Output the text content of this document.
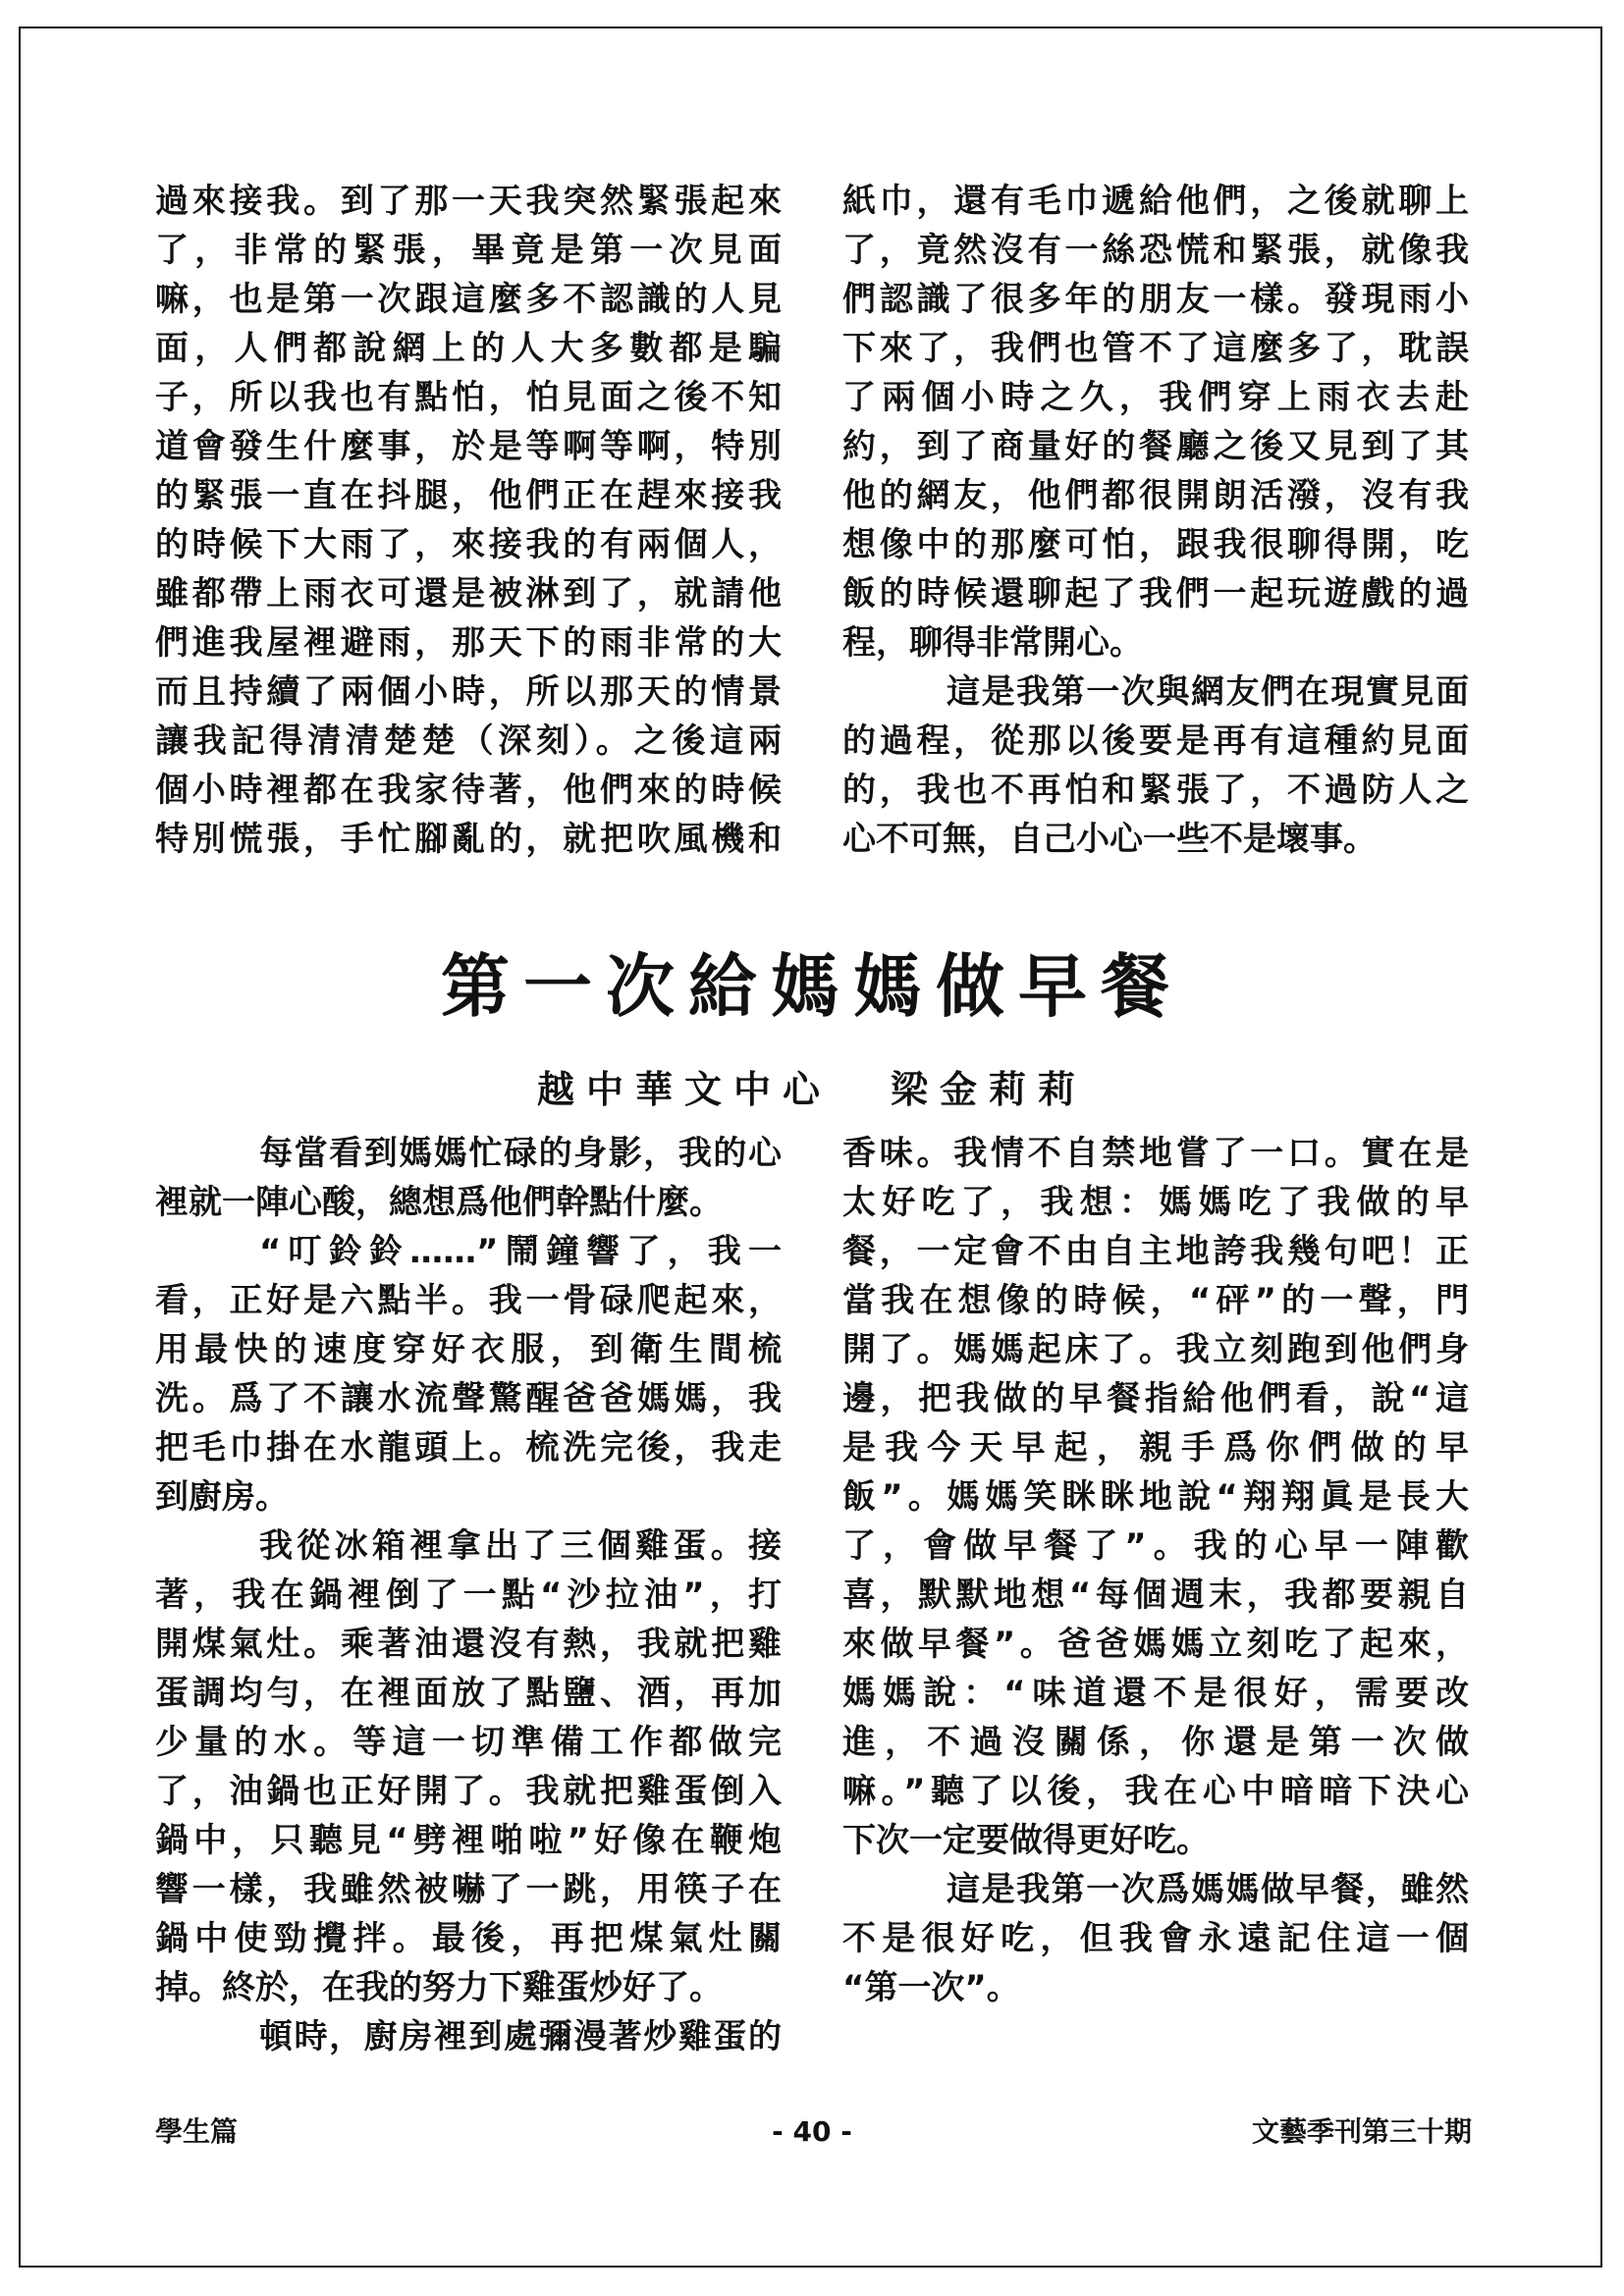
過來接我。到了那一天我突然緊張起來
了，非常的緊張，畢竟是第一次見面
嘛，也是第一次跟這麼多不認識的人見
面，人們都說網上的人大多數都是騙
子，所以我也有點怕，怕見面之後不知
道會發生什麼事，於是等啊等啊，特別
的緊張一直在抖腿，他們正在趕來接我
的時候下大雨了，來接我的有兩個人，
雖都帶上雨衣可還是被淋到了，就請他
們進我屋裡避雨，那天下的雨非常的大
而且持續了兩個小時，所以那天的情景
讓我記得清清楚楚（深刻）。之後這兩
個小時裡都在我家待著，他們來的時候
特別慌張，手忙腳亂的，就把吹風機和
紙巾，還有毛巾遞給他們，之後就聊上
了，竟然沒有一絲恐慌和緊張，就像我
們認識了很多年的朋友一樣。發現雨小
下來了，我們也管不了這麼多了，耽誤
了兩個小時之久，我們穿上雨衣去赴
約，到了商量好的餐廳之後又見到了其
他的網友，他們都很開朗活潑，沒有我
想像中的那麼可怕，跟我很聊得開，吃
飯的時候還聊起了我們一起玩遊戲的過
程，聊得非常開心。
這是我第一次與網友們在現實見面
的過程，從那以後要是再有這種約見面
的，我也不再怕和緊張了，不過防人之
心不可無，自己小心一些不是壞事。
第一次給媽媽做早餐
越中華文中心 梁金莉莉
每當看到媽媽忙碌的身影，我的心
裡就一陣心酸，總想爲他們幹點什麼。
“叮鈴鈴……”鬧鐘響了，我一
看，正好是六點半。我一骨碌爬起來，
用最快的速度穿好衣服，到衛生間梳
洗。爲了不讓水流聲驚醒爸爸媽媽，我
把毛巾掛在水龍頭上。梳洗完後，我走
到廚房。
我從冰箱裡拿出了三個雞蛋。接
著，我在鍋裡倒了一點“沙拉油”，打
開煤氣灶。乘著油還沒有熱，我就把雞
蛋調均勻，在裡面放了點鹽、酒，再加
少量的水。等這一切準備工作都做完
了，油鍋也正好開了。我就把雞蛋倒入
鍋中，只聽見“劈裡啪啦”好像在鞭炮
響一樣，我雖然被嚇了一跳，用筷子在
鍋中使勁攪拌。最後，再把煤氣灶關
掉。終於，在我的努力下雞蛋炒好了。
頓時，廚房裡到處彌漫著炒雞蛋的
香味。我情不自禁地嘗了一口。實在是
太好吃了，我想：媽媽吃了我做的早
餐，一定會不由自主地誇我幾句吧！正
當我在想像的時候，“砰”的一聲，門
開了。媽媽起床了。我立刻跑到他們身
邊，把我做的早餐指給他們看，說“這
是我今天早起，親手爲你們做的早
飯”。媽媽笑眯眯地說“翔翔眞是長大
了，會做早餐了”。我的心早一陣歡
喜，默默地想“每個週末，我都要親自
來做早餐”。爸爸媽媽立刻吃了起來，
媽媽說：“味道還不是很好，需要改
進，不過沒關係，你還是第一次做
嘛。”聽了以後，我在心中暗暗下決心
下次一定要做得更好吃。
這是我第一次爲媽媽做早餐，雖然
不是很好吃，但我會永遠記住這一個
“第一次”。
學生篇	- 40 -	文藝季刊第三十期
